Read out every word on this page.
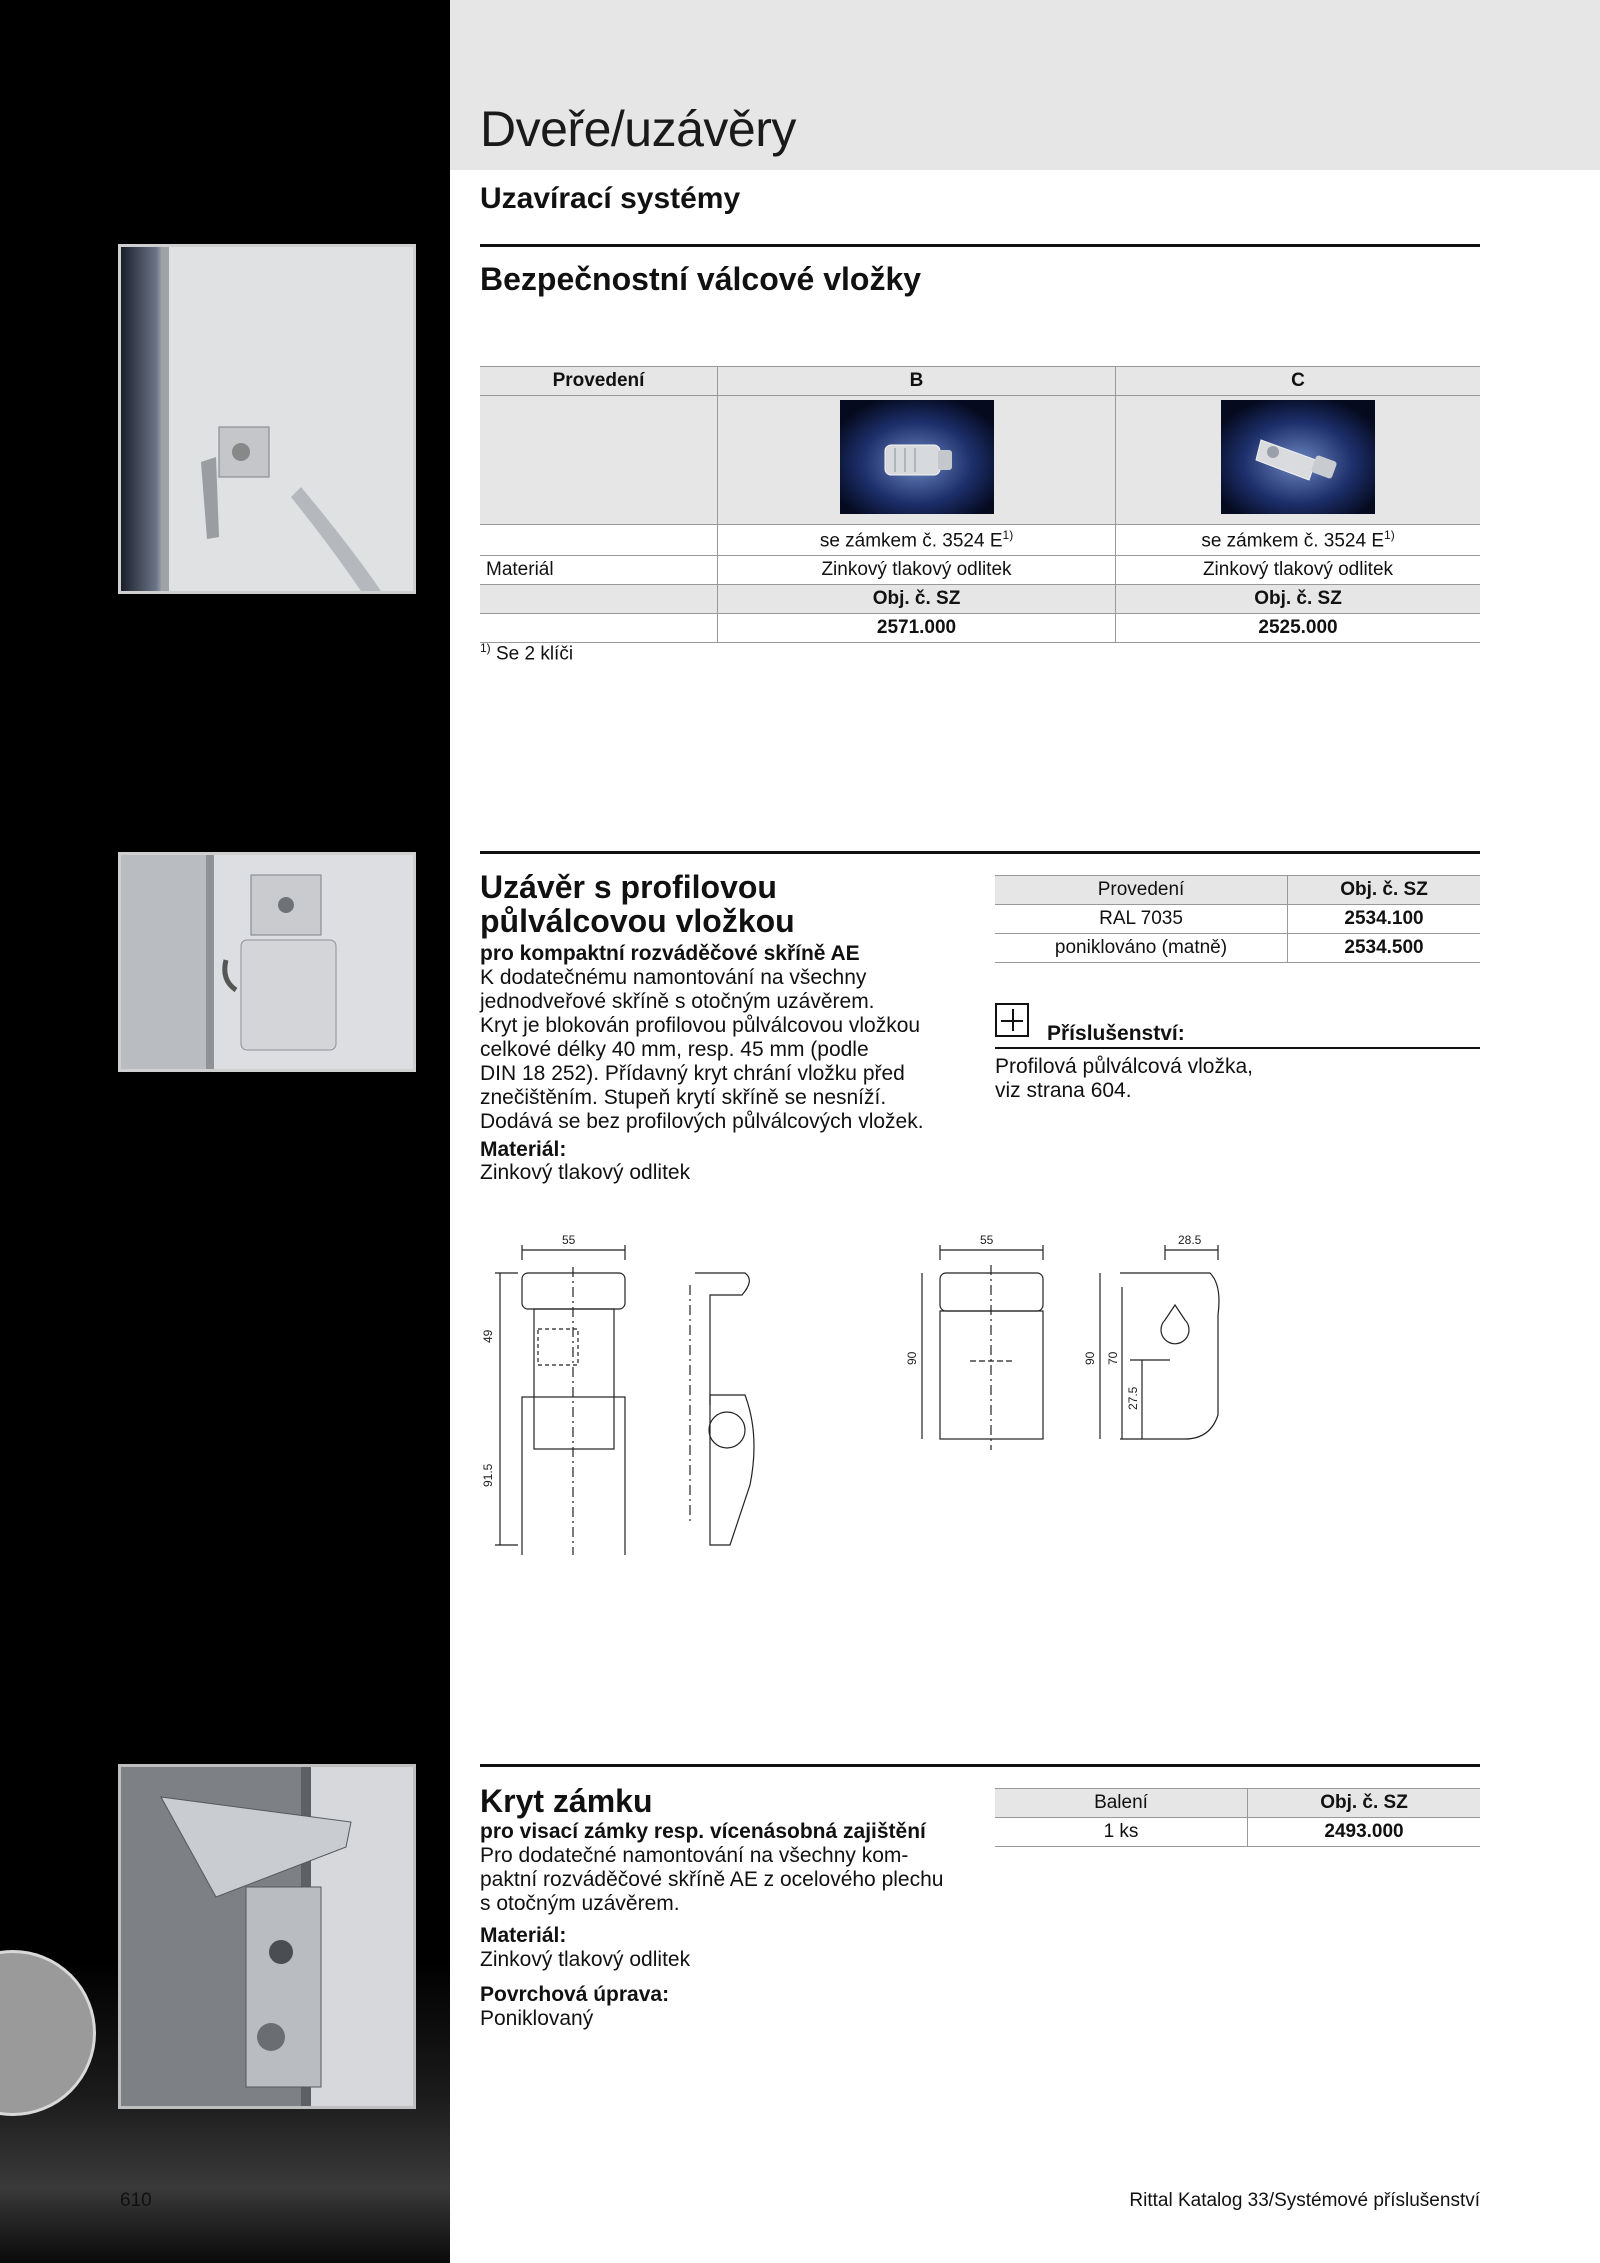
Dveře/uzávěry
Uzavírací systémy
Bezpečnostní válcové vložky
Provedení	B	C

	se zámkem č. 3524 $E^{1)}$	se zámkem č. 3524 $E^{1)}$
Materiál	Zinkový tlakový odlitek	Zinkový tlakový odlitek
	Obj. č. SZ	Obj. č. SZ
	2571.000	2525.000
$^{1)}$ Se 2 klíči
Uzávěr s profilovou
půlválcovou vložkou
pro kompaktní rozváděčové skříně AE
K dodatečnému namontování na všechny
jednodveřové skříně s otočným uzávěrem.
Kryt je blokován profilovou půlválcovou vložkou
celkové délky 40 mm, resp. 45 mm (podle
DIN 18 252). Přídavný kryt chrání vložku před
znečištěním. Stupeň krytí skříně se nesníží.
Dodává se bez profilových půlválcových vložek.
Materiál:
Zinkový tlakový odlitek
Provedení	Obj. č. SZ
RAL 7035	2534.100
poniklováno (matně)	2534.500
Příslušenství:
Profilová půlválcová vložka,
viz strana 604.
55
49
91.5
55
90
28.5
90 70
27.5
Kryt zámku
pro visací zámky resp. vícenásobná zajištění
Pro dodatečné namontování na všechny kom-
paktní rozváděčové skříně AE z ocelového plechu
s otočným uzávěrem.
Materiál:
Zinkový tlakový odlitek
Povrchová úprava:
Poniklovaný
Balení	Obj. č. SZ
1 ks	2493.000
610	Rittal Katalog 33/Systémové příslušenství
